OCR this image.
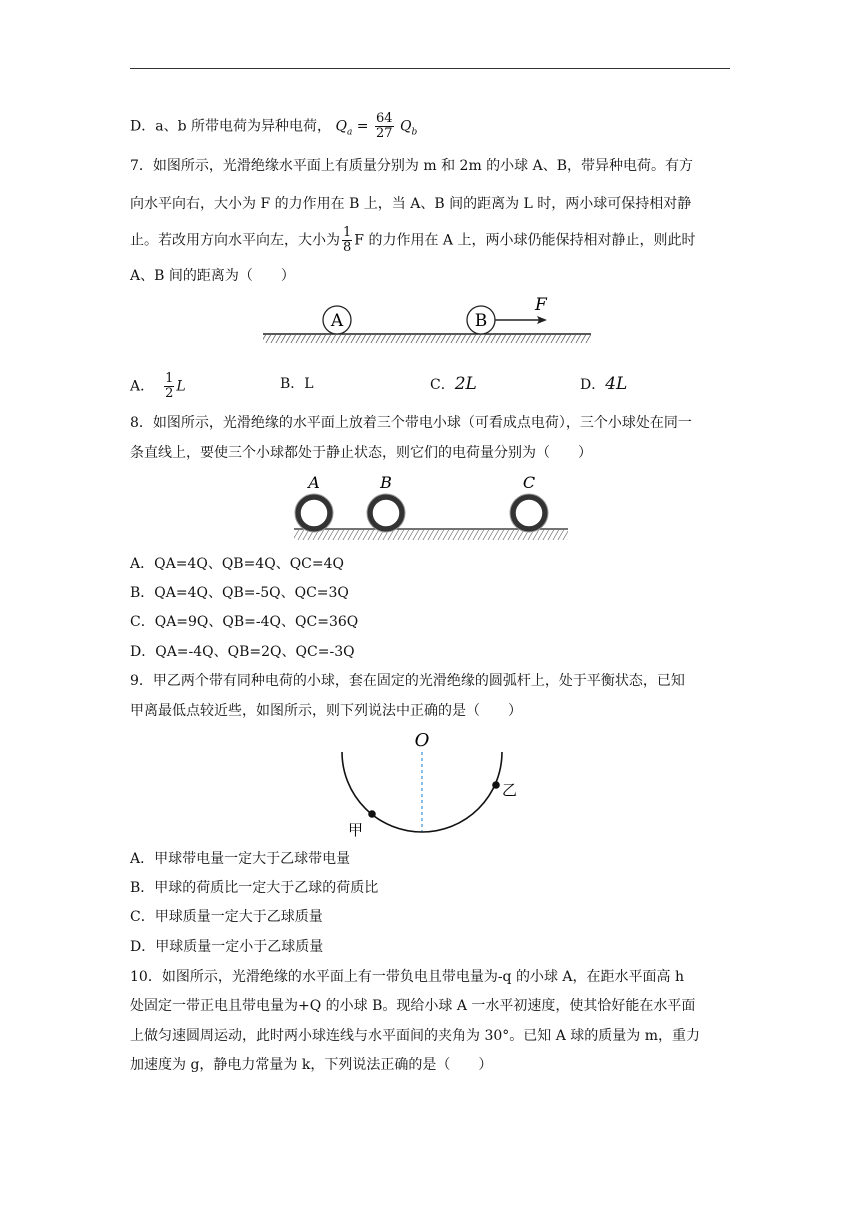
D．a、b 所带电荷为异种电荷， $Q_a = \frac{64}{27} Q_b$
7．如图所示，光滑绝缘水平面上有质量分别为 m 和 2m 的小球 A、B，带异种电荷。有方
向水平向右，大小为 F 的力作用在 B 上，当 A、B 间的距离为 L 时，两小球可保持相对静
止。若改用方向水平向左，大小为 $\frac{1}{8}$ F 的力作用在 A 上，两小球仍能保持相对静止，则此时
A、B 间的距离为（　　）
A	B
F
A． $\frac{1}{2}$ L	B．L	C．2L	D．4L
8．如图所示，光滑绝缘的水平面上放着三个带电小球（可看成点电荷），三个小球处在同一
条直线上，要使三个小球都处于静止状态，则它们的电荷量分别为（　　）
A	B	C
A．QA=4Q、QB=4Q、QC=4Q
B．QA=4Q、QB=-5Q、QC=3Q
C．QA=9Q、QB=-4Q、QC=36Q
D．QA=-4Q、QB=2Q、QC=-3Q
9．甲乙两个带有同种电荷的小球，套在固定的光滑绝缘的圆弧杆上，处于平衡状态，已知
甲离最低点较近些，如图所示，则下列说法中正确的是（　　）
O
甲
乙
A．甲球带电量一定大于乙球带电量
B．甲球的荷质比一定大于乙球的荷质比
C．甲球质量一定大于乙球质量
D．甲球质量一定小于乙球质量
10．如图所示，光滑绝缘的水平面上有一带负电且带电量为-q 的小球 A，在距水平面高 h
处固定一带正电且带电量为+Q 的小球 B。现给小球 A 一水平初速度，使其恰好能在水平面
上做匀速圆周运动，此时两小球连线与水平面间的夹角为 30°。已知 A 球的质量为 m，重力
加速度为 g，静电力常量为 k，下列说法正确的是（　　）
